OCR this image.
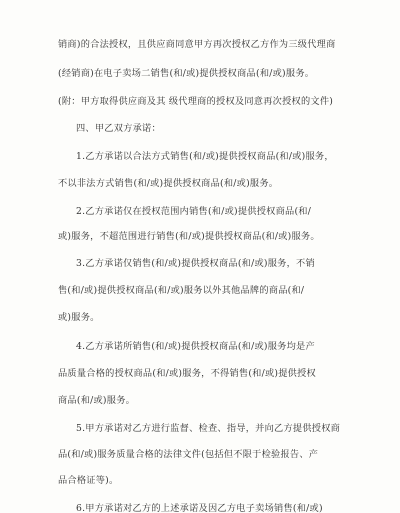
销商)的合法授权，且供应商同意甲方再次授权乙方作为三级代理商
(经销商)在电子卖场二销售(和/或)提供授权商品(和/或)服务。
(附：甲方取得供应商及其 级代理商的授权及同意再次授权的文件)
四、甲乙双方承诺：
1.乙方承诺以合法方式销售(和/或)提供授权商品(和/或)服务，
不以非法方式销售(和/或)提供授权商品(和/或)服务。
2.乙方承诺仅在授权范围内销售(和/或)提供授权商品(和/
或)服务，不超范围进行销售(和/或)提供授权商品(和/或)服务。
3.乙方承诺仅销售(和/或)提供授权商品(和/或)服务，不销
售(和/或)提供授权商品(和/或)服务以外其他品牌的商品(和/
或)服务。
4.乙方承诺所销售(和/或)提供授权商品(和/或)服务均是产
品质量合格的授权商品(和/或)服务，不得销售(和/或)提供授权
商品(和/或)服务。
5.甲方承诺对乙方进行监督、检查、指导，并向乙方提供授权商
品(和/或)服务质量合格的法律文件(包括但不限于检验报告、产
品合格证等)。
6.甲方承诺对乙方的上述承诺及因乙方电子卖场销售(和/或)
